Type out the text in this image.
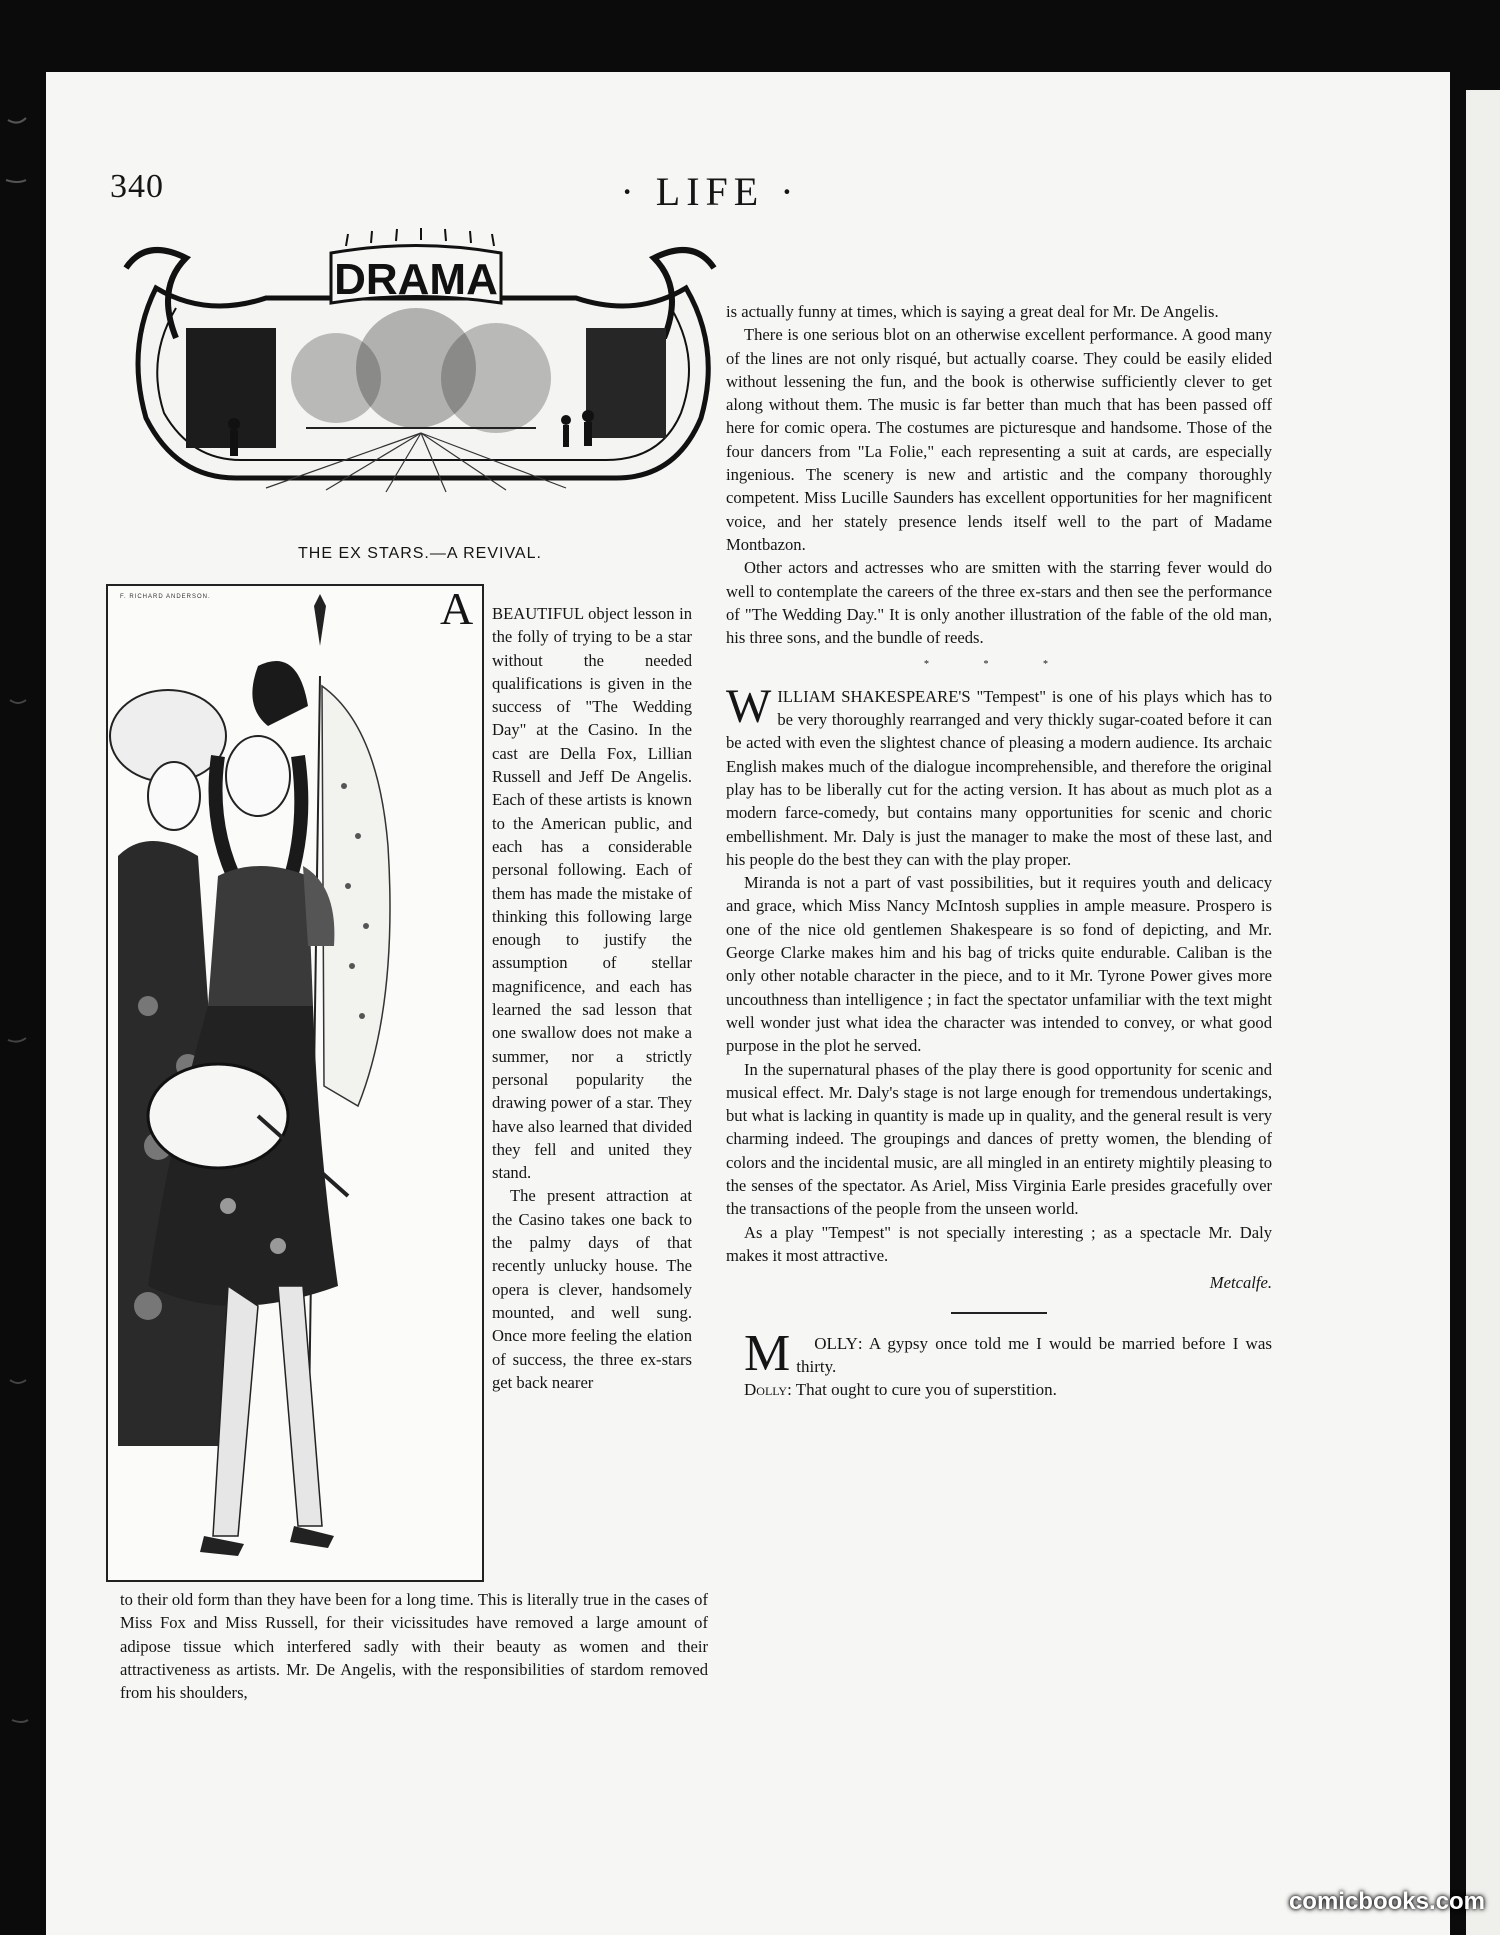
340	· LIFE ·
DRAMA
THE EX STARS.—A REVIVAL.
F. RICHARD ANDERSON.	A BEAUTIFUL object lesson in the folly of trying to be a star without the needed qualifications is given in the success of "The Wedding Day" at the Casino. In the cast are Della Fox, Lillian Russell and Jeff De Angelis. Each of these artists is known to the American public, and each has a considerable personal following. Each of them has made the mistake of thinking this following large enough to justify the assumption of stellar magnificence, and each has learned the sad lesson that one swallow does not make a summer, nor a strictly personal popularity the drawing power of a star. They have also learned that divided they fell and united they stand.

The present attraction at the Casino takes one back to the palmy days of that recently unlucky house. The opera is clever, handsomely mounted, and well sung. Once more feeling the elation of success, the three ex-stars get back nearer

to their old form than they have been for a long time. This is literally true in the cases of Miss Fox and Miss Russell, for their vicissitudes have removed a large amount of adipose tissue which interfered sadly with their beauty as women and their attractiveness as artists. Mr. De Angelis, with the responsibilities of stardom removed from his shoulders,

is actually funny at times, which is saying a great deal for Mr. De Angelis.

There is one serious blot on an otherwise excellent performance. A good many of the lines are not only risqué, but actually coarse. They could be easily elided without lessening the fun, and the book is otherwise sufficiently clever to get along without them. The music is far better than much that has been passed off here for comic opera. The costumes are picturesque and handsome. Those of the four dancers from "La Folie," each representing a suit at cards, are especially ingenious. The scenery is new and artistic and the company thoroughly competent. Miss Lucille Saunders has excellent opportunities for her magnificent voice, and her stately presence lends itself well to the part of Madame Montbazon.

Other actors and actresses who are smitten with the starring fever would do well to contemplate the careers of the three ex-stars and then see the performance of "The Wedding Day." It is only another illustration of the fable of the old man, his three sons, and the bundle of reeds.

* * *

WILLIAM SHAKESPEARE'S "Tempest" is one of his plays which has to be very thoroughly rearranged and very thickly sugar-coated before it can be acted with even the slightest chance of pleasing a modern audience. Its archaic English makes much of the dialogue incomprehensible, and therefore the original play has to be liberally cut for the acting version. It has about as much plot as a modern farce-comedy, but contains many opportunities for scenic and choric embellishment. Mr. Daly is just the manager to make the most of these last, and his people do the best they can with the play proper.

Miranda is not a part of vast possibilities, but it requires youth and delicacy and grace, which Miss Nancy McIntosh supplies in ample measure. Prospero is one of the nice old gentlemen Shakespeare is so fond of depicting, and Mr. George Clarke makes him and his bag of tricks quite endurable. Caliban is the only other notable character in the piece, and to it Mr. Tyrone Power gives more uncouthness than intelligence ; in fact the spectator unfamiliar with the text might well wonder just what idea the character was intended to convey, or what good purpose in the plot he served.

In the supernatural phases of the play there is good opportunity for scenic and musical effect. Mr. Daly's stage is not large enough for tremendous undertakings, but what is lacking in quantity is made up in quality, and the general result is very charming indeed. The groupings and dances of pretty women, the blending of colors and the incidental music, are all mingled in an entirety mightily pleasing to the senses of the spectator. As Ariel, Miss Virginia Earle presides gracefully over the transactions of the people from the unseen world.

As a play "Tempest" is not specially interesting ; as a spectacle Mr. Daly makes it most attractive.

Metcalfe.

M OLLY: A gypsy once told me I would be married before I was thirty.

Dolly: That ought to cure you of superstition.

comicbooks.com
